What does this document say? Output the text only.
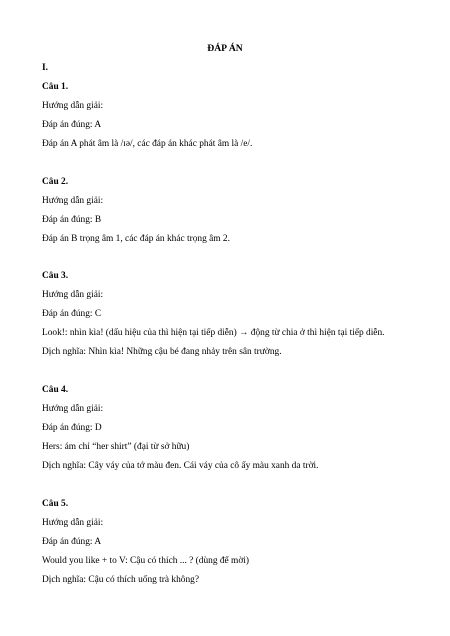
ĐÁP ÁN
I.
Câu 1.
Hướng dẫn giải:
Đáp án đúng: A
Đáp án A phát âm là /ɪə/, các đáp án khác phát âm là /e/.
Câu 2.
Hướng dẫn giải:
Đáp án đúng: B
Đáp án B trọng âm 1, các đáp án khác trọng âm 2.
Câu 3.
Hướng dẫn giải:
Đáp án đúng: C
Look!: nhìn kìa! (dấu hiệu của thì hiện tại tiếp diễn) → động từ chia ở thì hiện tại tiếp diễn.
Dịch nghĩa: Nhìn kìa! Những cậu bé đang nhảy trên sân trường.
Câu 4.
Hướng dẫn giải:
Đáp án đúng: D
Hers: ám chỉ “her shirt” (đại từ sở hữu)
Dịch nghĩa: Cây váy của tớ màu đen. Cái váy của cô ấy màu xanh da trời.
Câu 5.
Hướng dẫn giải:
Đáp án đúng: A
Would you like + to V: Cậu có thích ... ? (dùng để mời)
Dịch nghĩa: Cậu có thích uống trà không?
